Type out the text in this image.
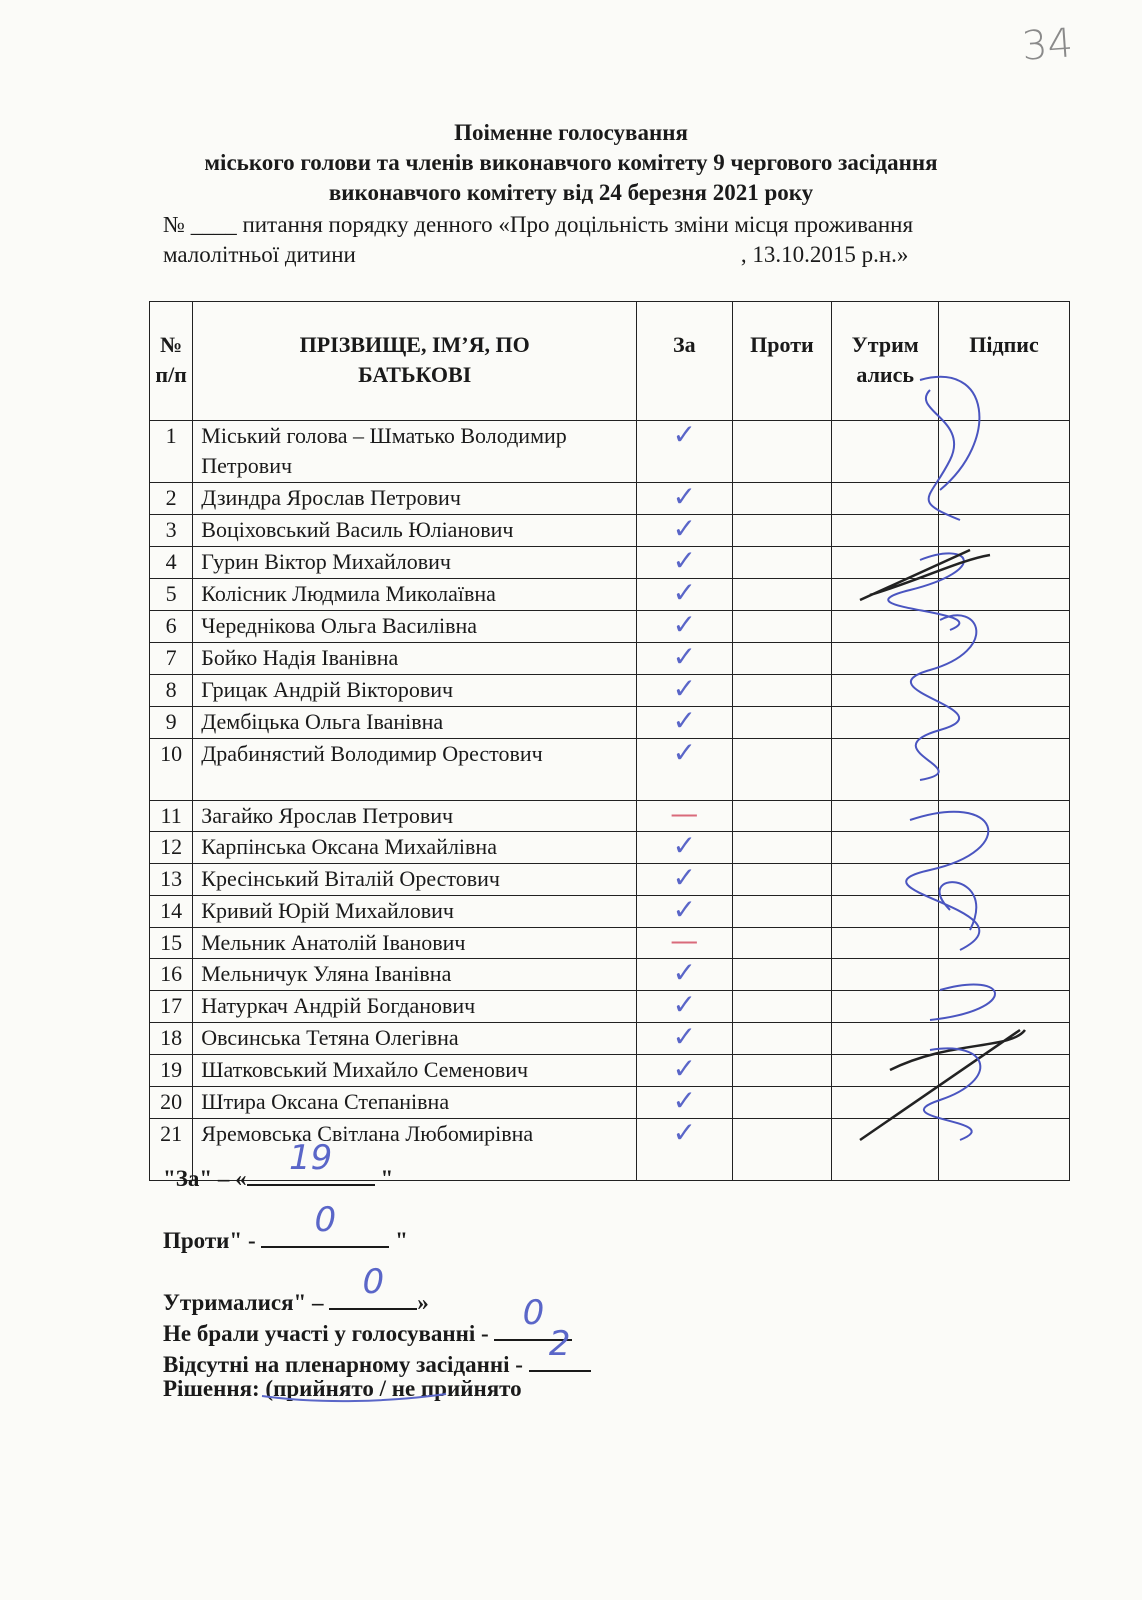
34
Поіменне голосування
міського голови та членів виконавчого комітету 9 чергового засідання
виконавчого комітету від 24 березня 2021 року
№ ____ питання порядку денного «Про доцільність зміни місця проживання
малолітньої дитини	, 13.10.2015 р.н.»
№ п/п	ПРІЗВИЩЕ, ІМ’Я, ПО БАТЬКОВІ	За	Проти	Утрим ались	Підпис
1	Міський голова – Шматько Володимир Петрович	✓			
2	Дзиндра Ярослав Петрович	✓			
3	Воціховський Василь Юліанович	✓			
4	Гурин Віктор Михайлович	✓			
5	Колісник Людмила Миколаївна	✓			
6	Череднікова Ольга Василівна	✓			
7	Бойко Надія Іванівна	✓			
8	Грицак Андрій Вікторович	✓			
9	Дембіцька Ольга Іванівна	✓			
10	Драбинястий Володимир Орестович	✓			
11	Загайко Ярослав Петрович	—			
12	Карпінська Оксана Михайлівна	✓			
13	Кресінський Віталій Орестович	✓			
14	Кривий Юрій Михайлович	✓			
15	Мельник Анатолій Іванович	—			
16	Мельничук Уляна Іванівна	✓			
17	Натуркач Андрій Богданович	✓			
18	Овсинська Тетяна Олегівна	✓			
19	Шатковський Михайло Семенович	✓			
20	Штира Оксана Степанівна	✓			
21	Яремовська Світлана Любомирівна	✓			
"За" – «
19
"
Проти" -
0
"
Утрималися" –
0
»
Не брали участі у голосуванні -
0
Відсутні на пленарному засіданні -
2
Рішення: (прийнято / не прийнято
